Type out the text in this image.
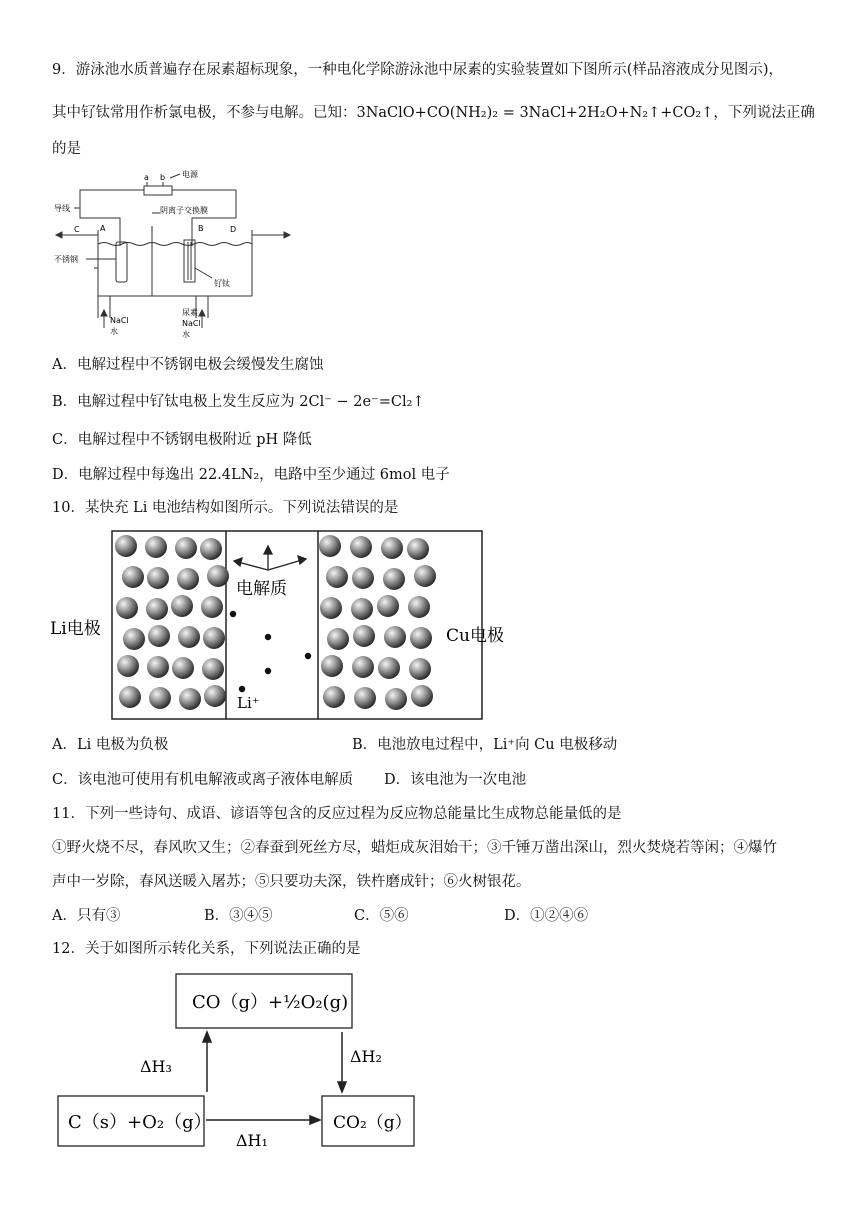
9．游泳池水质普遍存在尿素超标现象，一种电化学除游泳池中尿素的实验装置如下图所示(样品溶液成分见图示)，
其中钌钛常用作析氯电极，不参与电解。已知：3NaClO+CO(NH₂)₂ = 3NaCl+2H₂O+N₂↑+CO₂↑，下列说法正确
的是
a b 电源
导线	阴离子交换膜
A	B
C	D
不锈钢
钌钛
NaCl
水
尿素
NaCl
水
A．电解过程中不锈钢电极会缓慢发生腐蚀
B．电解过程中钌钛电极上发生反应为 2Cl⁻ − 2e⁻=Cl₂↑
C．电解过程中不锈钢电极附近 pH 降低
D．电解过程中每逸出 22.4LN₂，电路中至少通过 6mol 电子
10．某快充 Li 电池结构如图所示。下列说法错误的是
电解质
Li⁺
Li电极	Cu电极
A．Li 电极为负极	B．电池放电过程中，Li⁺向 Cu 电极移动
C．该电池可使用有机电解液或离子液体电解质 D．该电池为一次电池
11．下列一些诗句、成语、谚语等包含的反应过程为反应物总能量比生成物总能量低的是
①野火烧不尽，春风吹又生；②春蚕到死丝方尽，蜡炬成灰泪始干；③千锤万凿出深山，烈火焚烧若等闲；④爆竹
声中一岁除，春风送暖入屠苏；⑤只要功夫深，铁杵磨成针；⑥火树银花。
A．只有③	B．③④⑤	C．⑤⑥	D．①②④⑥
12．关于如图所示转化关系，下列说法正确的是
CO（g）+½O₂(g)
C（s）+O₂（g）	CO₂（g）
ΔH₃
ΔH₂
ΔH₁
